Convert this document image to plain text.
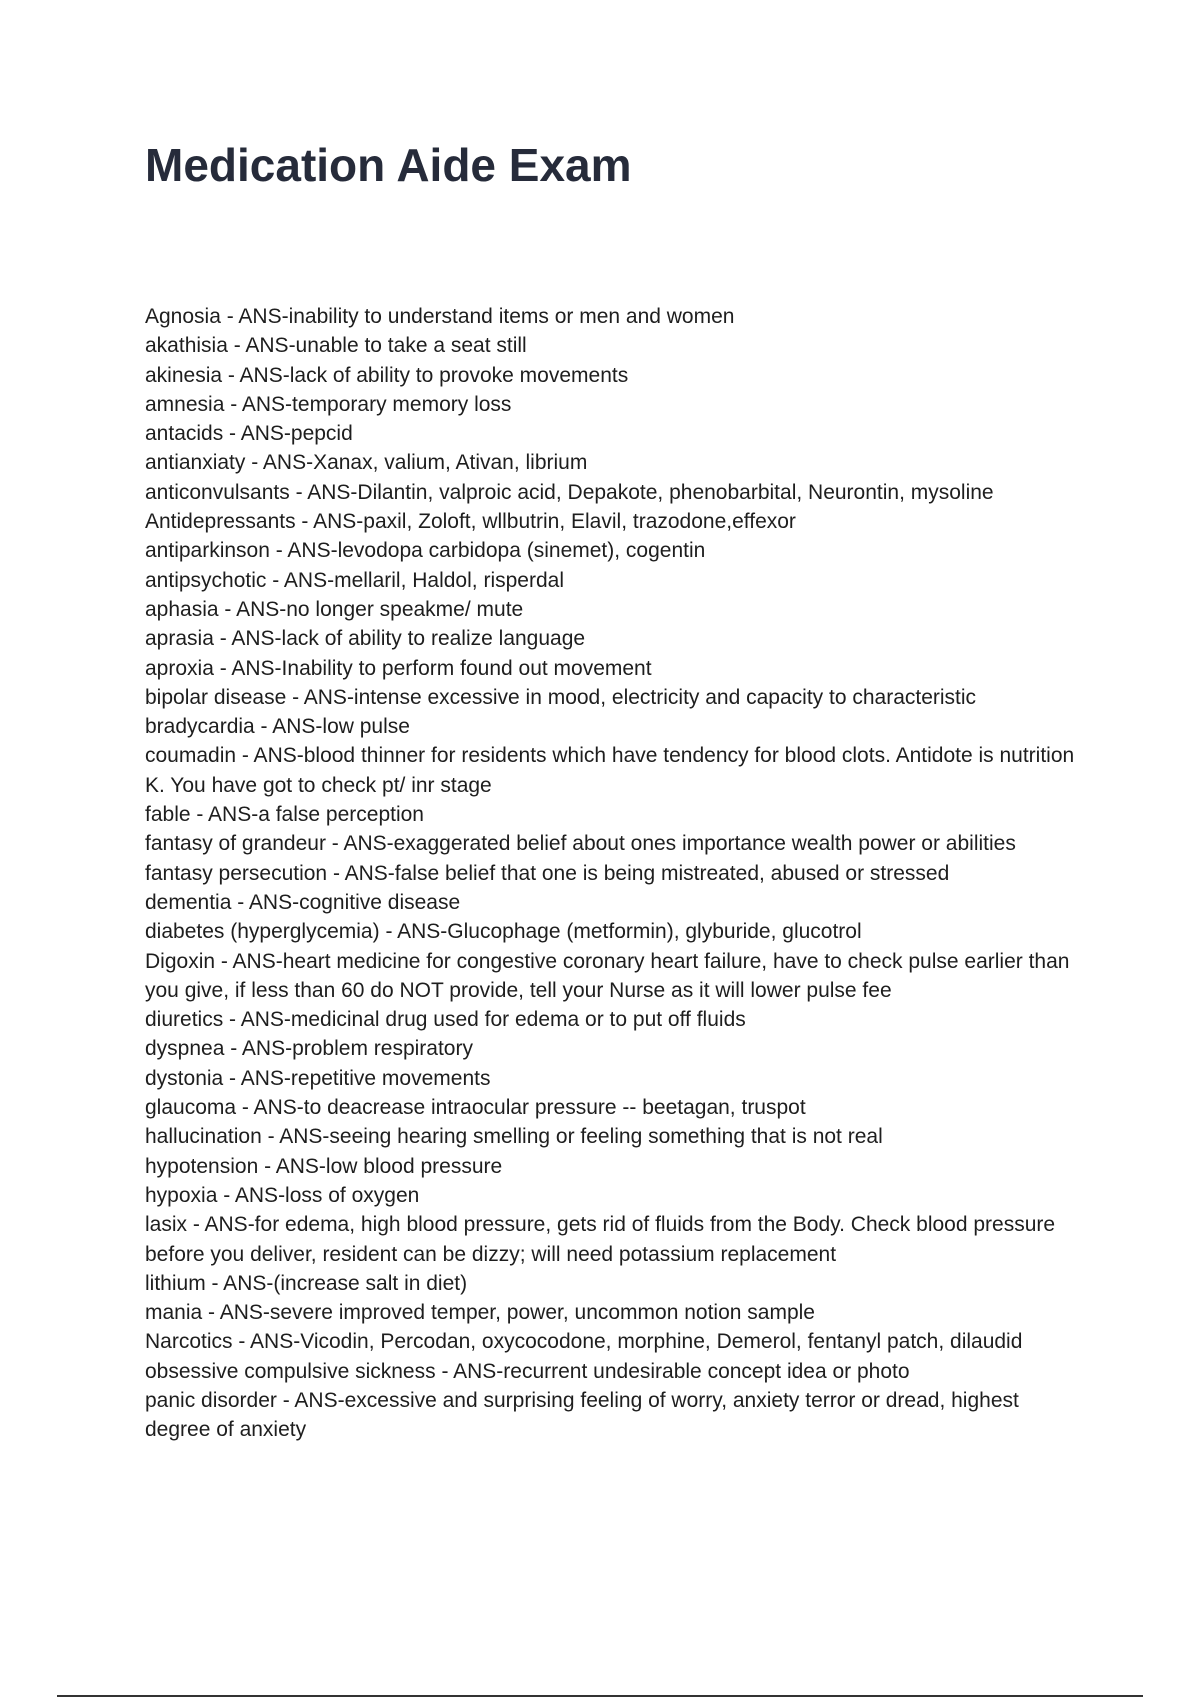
Medication Aide Exam
Agnosia - ANS-inability to understand items or men and women
akathisia - ANS-unable to take a seat still
akinesia - ANS-lack of ability to provoke movements
amnesia - ANS-temporary memory loss
antacids - ANS-pepcid
antianxiaty - ANS-Xanax, valium, Ativan, librium
anticonvulsants - ANS-Dilantin, valproic acid, Depakote, phenobarbital, Neurontin, mysoline
Antidepressants - ANS-paxil, Zoloft, wllbutrin, Elavil, trazodone,effexor
antiparkinson - ANS-levodopa carbidopa (sinemet), cogentin
antipsychotic - ANS-mellaril, Haldol, risperdal
aphasia - ANS-no longer speakme/ mute
aprasia - ANS-lack of ability to realize language
aproxia - ANS-Inability to perform found out movement
bipolar disease - ANS-intense excessive in mood, electricity and capacity to characteristic
bradycardia - ANS-low pulse
coumadin - ANS-blood thinner for residents which have tendency for blood clots. Antidote is nutrition K. You have got to check pt/ inr stage
fable - ANS-a false perception
fantasy of grandeur - ANS-exaggerated belief about ones importance wealth power or abilities
fantasy persecution - ANS-false belief that one is being mistreated, abused or stressed
dementia - ANS-cognitive disease
diabetes (hyperglycemia) - ANS-Glucophage (metformin), glyburide, glucotrol
Digoxin - ANS-heart medicine for congestive coronary heart failure, have to check pulse earlier than you give, if less than 60 do NOT provide, tell your Nurse as it will lower pulse fee
diuretics - ANS-medicinal drug used for edema or to put off fluids
dyspnea - ANS-problem respiratory
dystonia - ANS-repetitive movements
glaucoma - ANS-to deacrease intraocular pressure -- beetagan, truspot
hallucination - ANS-seeing hearing smelling or feeling something that is not real
hypotension - ANS-low blood pressure
hypoxia - ANS-loss of oxygen
lasix - ANS-for edema, high blood pressure, gets rid of fluids from the Body. Check blood pressure before you deliver, resident can be dizzy; will need potassium replacement
lithium - ANS-(increase salt in diet)
mania - ANS-severe improved temper, power, uncommon notion sample
Narcotics - ANS-Vicodin, Percodan, oxycocodone, morphine, Demerol, fentanyl patch, dilaudid
obsessive compulsive sickness - ANS-recurrent undesirable concept idea or photo
panic disorder - ANS-excessive and surprising feeling of worry, anxiety terror or dread, highest degree of anxiety
